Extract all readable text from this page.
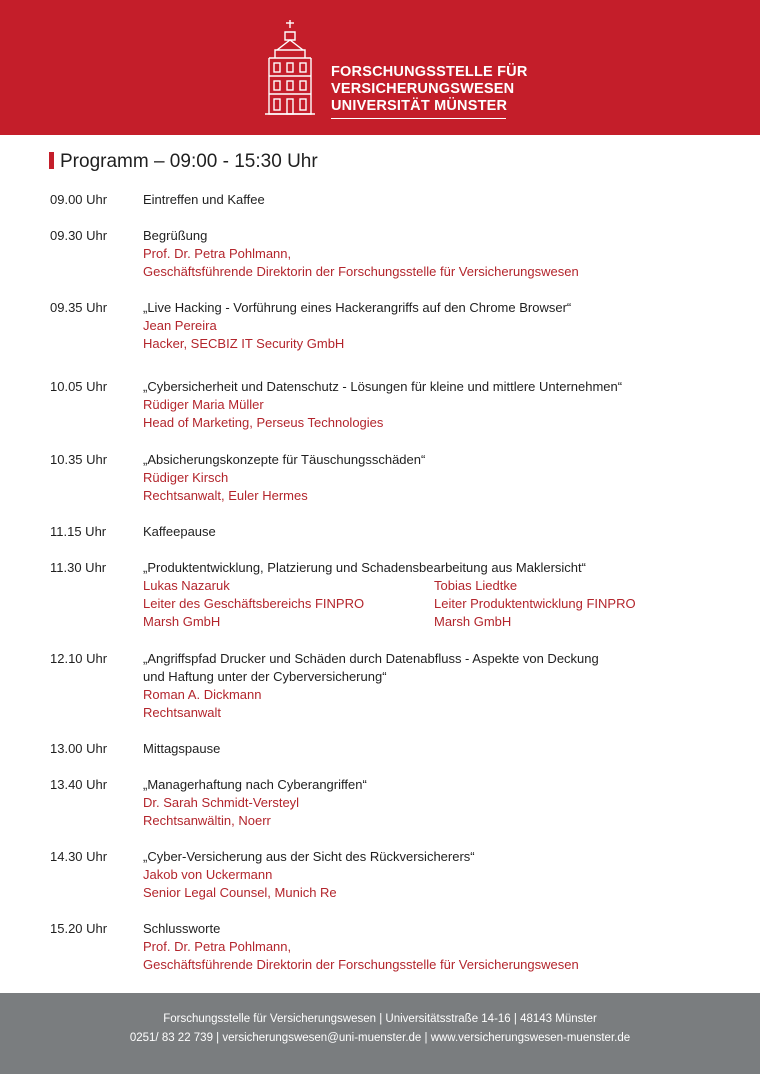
FORSCHUNGSSTELLE FÜR
VERSICHERUNGSWESEN
UNIVERSITÄT MÜNSTER
Programm – 09:00 - 15:30 Uhr
09.00 Uhr	Eintreffen und Kaffee
09.30 Uhr	Begrüßung
Prof. Dr. Petra Pohlmann,
Geschäftsführende Direktorin der Forschungsstelle für Versicherungswesen
09.35 Uhr	„Live Hacking - Vorführung eines Hackerangriffs auf den Chrome Browser“
Jean Pereira
Hacker, SECBIZ IT Security GmbH
10.05 Uhr	„Cybersicherheit und Datenschutz - Lösungen für kleine und mittlere Unternehmen“
Rüdiger Maria Müller
Head of Marketing, Perseus Technologies
10.35 Uhr	„Absicherungskonzepte für Täuschungsschäden“
Rüdiger Kirsch
Rechtsanwalt, Euler Hermes
11.15 Uhr	Kaffeepause
11.30 Uhr	„Produktentwicklung, Platzierung und Schadensbearbeitung aus Maklersicht“
Lukas Nazaruk
Leiter des Geschäftsbereichs FINPRO
Marsh GmbH
Tobias Liedtke
Leiter Produktentwicklung FINPRO
Marsh GmbH
12.10 Uhr	„Angriffspfad Drucker und Schäden durch Datenabfluss - Aspekte von Deckung
und Haftung unter der Cyberversicherung“
Roman A. Dickmann
Rechtsanwalt
13.00 Uhr	Mittagspause
13.40 Uhr	„Managerhaftung nach Cyberangriffen“
Dr. Sarah Schmidt-Versteyl
Rechtsanwältin, Noerr
14.30 Uhr	„Cyber-Versicherung aus der Sicht des Rückversicherers“
Jakob von Uckermann
Senior Legal Counsel, Munich Re
15.20 Uhr	Schlussworte
Prof. Dr. Petra Pohlmann,
Geschäftsführende Direktorin der Forschungsstelle für Versicherungswesen
Forschungsstelle für Versicherungswesen | Universitätsstraße 14-16 | 48143 Münster
0251/ 83 22 739 | versicherungswesen@uni-muenster.de | www.versicherungswesen-muenster.de
